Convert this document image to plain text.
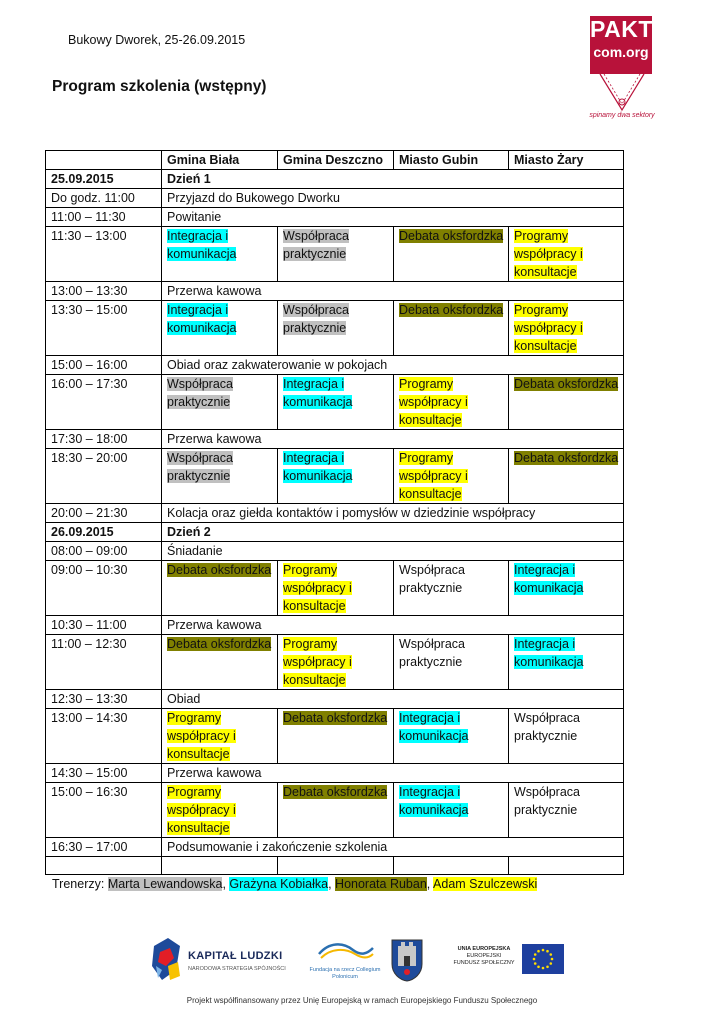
Bukowy Dworek, 25-26.09.2015
Program szkolenia (wstępny)
PAKT
com.org
spinamy dwa sektory
	Gmina Biała	Gmina Deszczno	Miasto Gubin	Miasto Żary
25.09.2015	Dzień 1			
Do godz. 11:00	Przyjazd do Bukowego Dworku			
11:00 – 11:30	Powitanie			
11:30 – 13:00	Integracja i komunikacja	Współpraca praktycznie	Debata oksfordzka	Programy współpracy i konsultacje
13:00 – 13:30	Przerwa kawowa			
13:30 – 15:00	Integracja i komunikacja	Współpraca praktycznie	Debata oksfordzka	Programy współpracy i konsultacje
15:00 – 16:00	Obiad oraz zakwaterowanie w pokojach			
16:00 – 17:30	Współpraca praktycznie	Integracja i komunikacja	Programy współpracy i konsultacje	Debata oksfordzka
17:30 – 18:00	Przerwa kawowa			
18:30 – 20:00	Współpraca praktycznie	Integracja i komunikacja	Programy współpracy i konsultacje	Debata oksfordzka
20:00 – 21:30	Kolacja oraz giełda kontaktów i pomysłów w dziedzinie współpracy			
26.09.2015	Dzień 2			
08:00 – 09:00	Śniadanie			
09:00 – 10:30	Debata oksfordzka	Programy współpracy i konsultacje	Współpraca praktycznie	Integracja i komunikacja
10:30 – 11:00	Przerwa kawowa			
11:00 – 12:30	Debata oksfordzka	Programy współpracy i konsultacje	Współpraca praktycznie	Integracja i komunikacja
12:30 – 13:30	Obiad			
13:00 – 14:30	Programy współpracy i konsultacje	Debata oksfordzka	Integracja i komunikacja	Współpraca praktycznie
14:30 – 15:00	Przerwa kawowa			
15:00 – 16:30	Programy współpracy i konsultacje	Debata oksfordzka	Integracja i komunikacja	Współpraca praktycznie
16:30 – 17:00	Podsumowanie i zakończenie szkolenia			

Trenerzy: Marta Lewandowska, Grażyna Kobiałka, Honorata Ruban, Adam Szulczewski
KAPITAŁ LUDZKI
NARODOWA STRATEGIA SPÓJNOŚCI	Fundacja na rzecz Collegium Polonicum
UNIA EUROPEJSKA
EUROPEJSKI
FUNDUSZ SPOŁECZNY
Projekt współfinansowany przez Unię Europejską w ramach Europejskiego Funduszu Społecznego
